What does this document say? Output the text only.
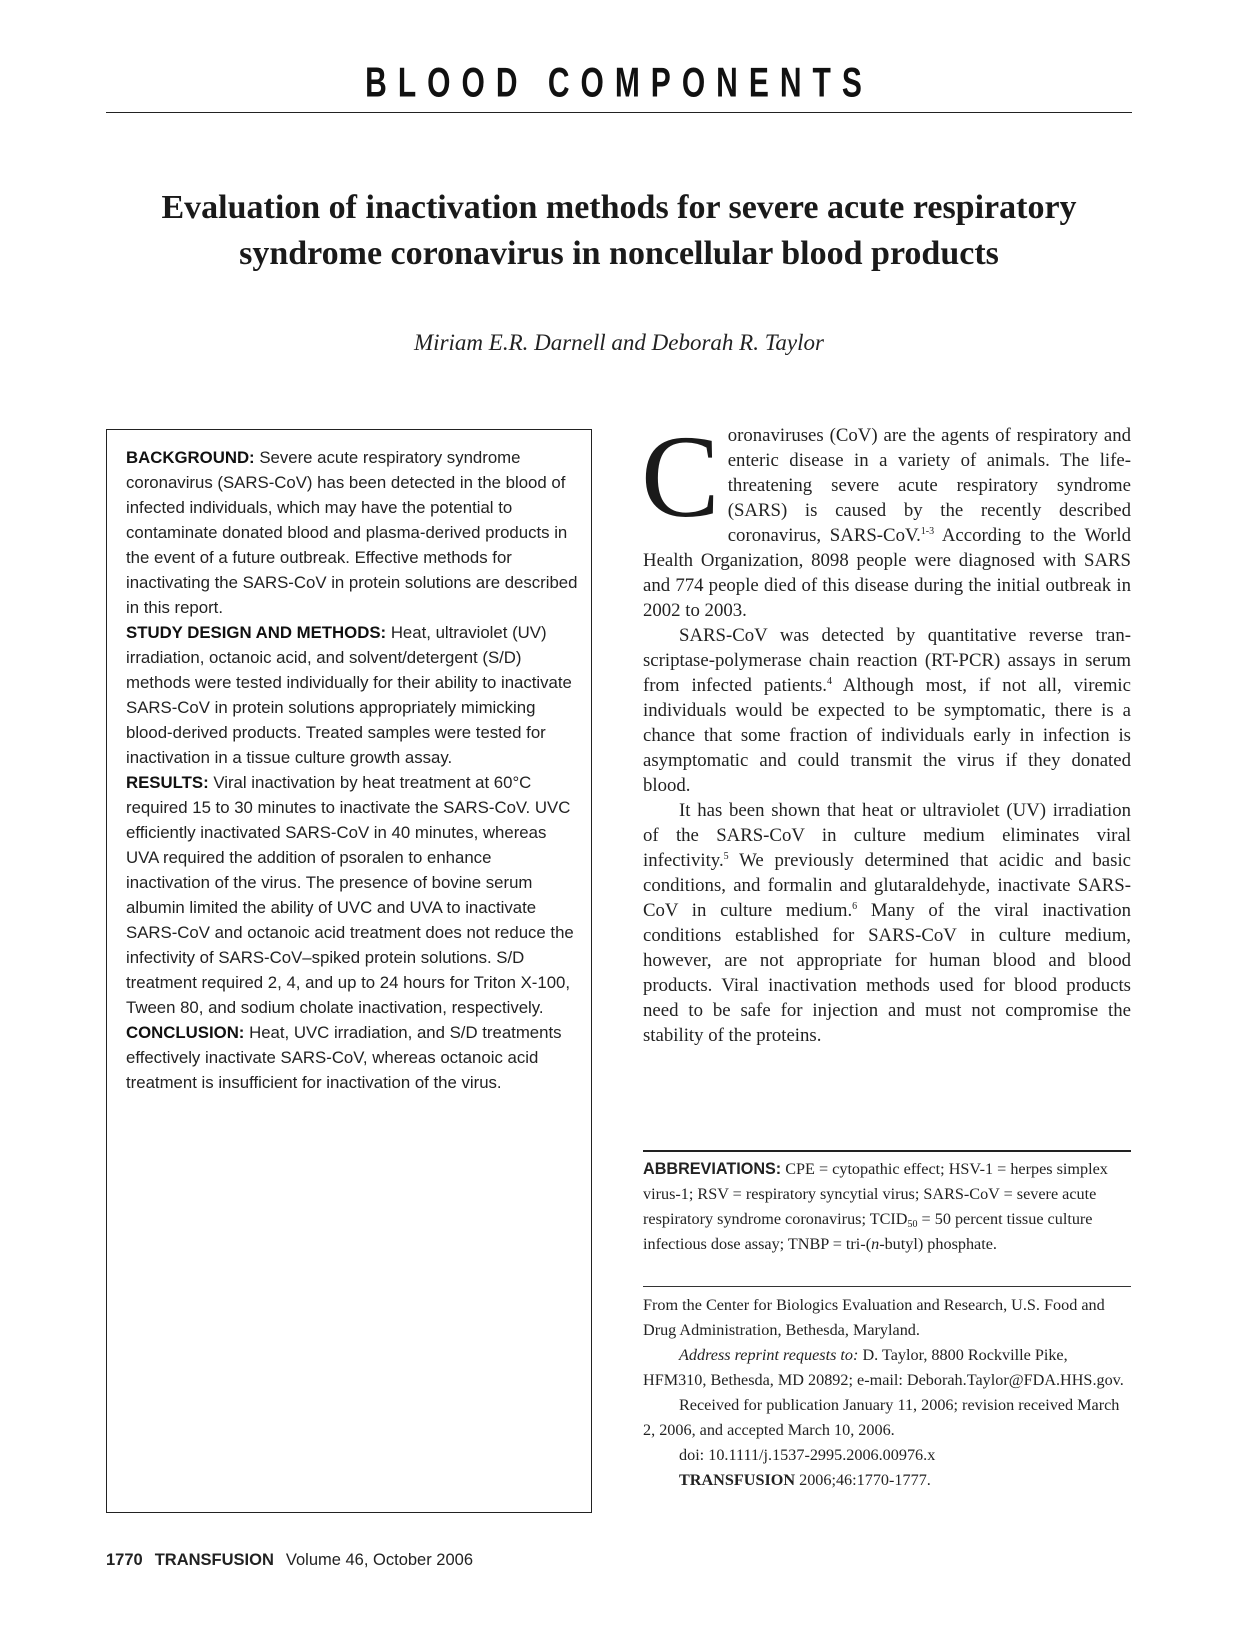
BLOOD COMPONENTS
Evaluation of inactivation methods for severe acute respiratory
syndrome coronavirus in noncellular blood products
Miriam E.R. Darnell and Deborah R. Taylor

BACKGROUND: Severe acute respiratory syndrome coronavirus (SARS-CoV) has been detected in the blood of infected individuals, which may have the potential to contaminate donated blood and plasma-derived products in the event of a future outbreak. Effective methods for inactivating the SARS-CoV in protein solutions are described in this report.

STUDY DESIGN AND METHODS: Heat, ultraviolet (UV) irradiation, octanoic acid, and solvent/detergent (S/D) methods were tested individually for their ability to inactivate SARS-CoV in protein solutions appropriately mimicking blood-derived products. Treated samples were tested for inactivation in a tissue culture growth assay.

RESULTS: Viral inactivation by heat treatment at 60°C required 15 to 30 minutes to inactivate the SARS-CoV. UVC efficiently inactivated SARS-CoV in 40 minutes, whereas UVA required the addition of psoralen to enhance inactivation of the virus. The presence of bovine serum albumin limited the ability of UVC and UVA to inactivate SARS-CoV and octanoic acid treatment does not reduce the infectivity of SARS-CoV–spiked protein solutions. S/D treatment required 2, 4, and up to 24 hours for Triton X-100, Tween 80, and sodium cholate inactivation, respectively.

CONCLUSION: Heat, UVC irradiation, and S/D treatments effectively inactivate SARS-CoV, whereas octanoic acid treatment is insufficient for inactivation of the virus.

Coronaviruses (CoV) are the agents of respiratory and enteric disease in a variety of animals. The life-threatening severe acute respiratory syndrome (SARS) is caused by the recently described coronavirus, SARS-CoV.$^{1-3}$ According to the World Health Organization, 8098 people were diagnosed with SARS and 774 people died of this disease during the initial outbreak in 2002 to 2003.

SARS-CoV was detected by quantitative reverse transcriptase-polymerase chain reaction (RT-PCR) assays in serum from infected patients.$^4$ Although most, if not all, viremic individuals would be expected to be symptomatic, there is a chance that some fraction of individuals early in infection is asymptomatic and could transmit the virus if they donated blood.

It has been shown that heat or ultraviolet (UV) irradiation of the SARS-CoV in culture medium eliminates viral infectivity.$^5$ We previously determined that acidic and basic conditions, and formalin and glutaraldehyde, inactivate SARS-CoV in culture medium.$^6$ Many of the viral inactivation conditions established for SARS-CoV in culture medium, however, are not appropriate for human blood and blood products. Viral inactivation methods used for blood products need to be safe for injection and must not compromise the stability of the proteins.

ABBREVIATIONS: CPE = cytopathic effect; HSV-1 = herpes simplex virus-1; RSV = respiratory syncytial virus; SARS-CoV = severe acute respiratory syndrome coronavirus; $TCID_{50} = 50$ percent tissue culture infectious dose assay; TNBP = tri-(n-butyl) phosphate.

From the Center for Biologics Evaluation and Research, U.S. Food and Drug Administration, Bethesda, Maryland.

Address reprint requests to: D. Taylor, 8800 Rockville Pike, HFM310, Bethesda, MD 20892; e-mail: Deborah.Taylor@FDA.HHS.gov.

Received for publication January 11, 2006; revision received March 2, 2006, and accepted March 10, 2006.

doi: 10.1111/j.1537-2995.2006.00976.x

TRANSFUSION 2006;46:1770-1777.

1770 TRANSFUSION Volume 46, October 2006
